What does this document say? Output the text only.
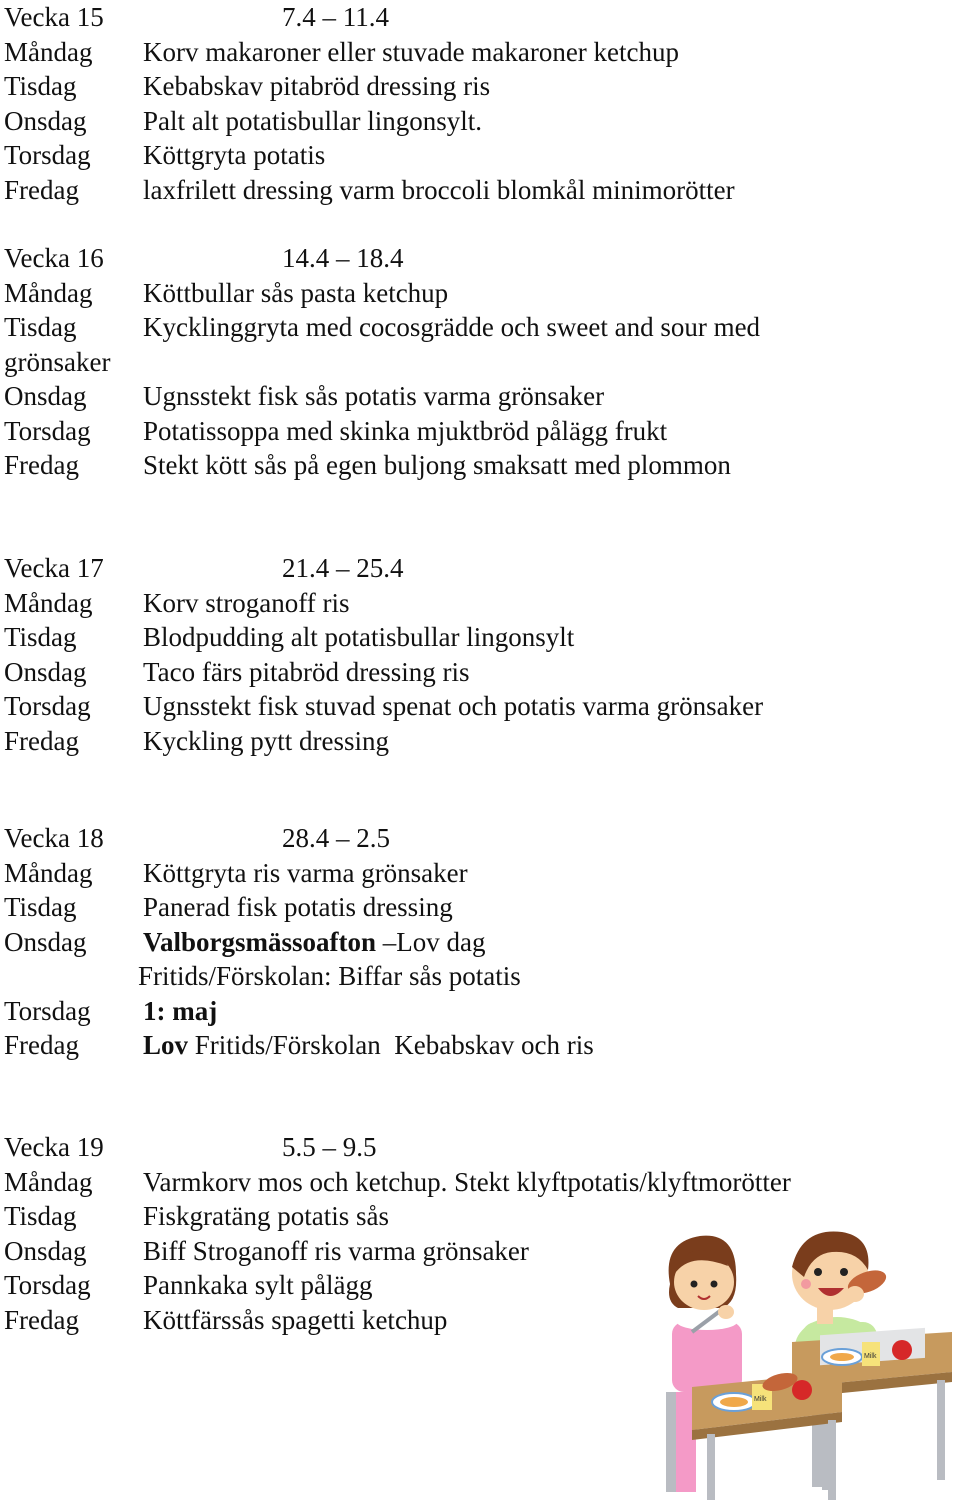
Vecka 15	7.4 – 11.4
Måndag Korv makaroner eller stuvade makaroner ketchup
Tisdag Kebabskav pitabröd dressing ris
Onsdag Palt alt potatisbullar lingonsylt.
Torsdag Köttgryta potatis
Fredag laxfrilett dressing varm broccoli blomkål minimorötter
Vecka 16	14.4 – 18.4
Måndag Köttbullar sås pasta ketchup
Tisdag Kycklinggryta med cocosgrädde och sweet and sour med
grönsaker
Onsdag Ugnsstekt fisk sås potatis varma grönsaker
Torsdag Potatissoppa med skinka mjuktbröd pålägg frukt
Fredag Stekt kött sås på egen buljong smaksatt med plommon
Vecka 17	21.4 – 25.4
Måndag Korv stroganoff ris
Tisdag Blodpudding alt potatisbullar lingonsylt
Onsdag Taco färs pitabröd dressing ris
Torsdag Ugnsstekt fisk stuvad spenat och potatis varma grönsaker
Fredag Kyckling pytt dressing
Vecka 18	28.4 – 2.5
Måndag Köttgryta ris varma grönsaker
Tisdag Panerad fisk potatis dressing
Onsdag Valborgsmässoafton –Lov dag
Fritids/Förskolan: Biffar sås potatis
Torsdag 1: maj
Fredag Lov Fritids/Förskolan  Kebabskav och ris
Vecka 19	5.5 – 9.5
Måndag Varmkorv mos och ketchup. Stekt klyftpotatis/klyftmorötter
Tisdag Fiskgratäng potatis sås
Onsdag Biff Stroganoff ris varma grönsaker
Torsdag Pannkaka sylt pålägg
Fredag Köttfärssås spagetti ketchup
Milk
Milk
